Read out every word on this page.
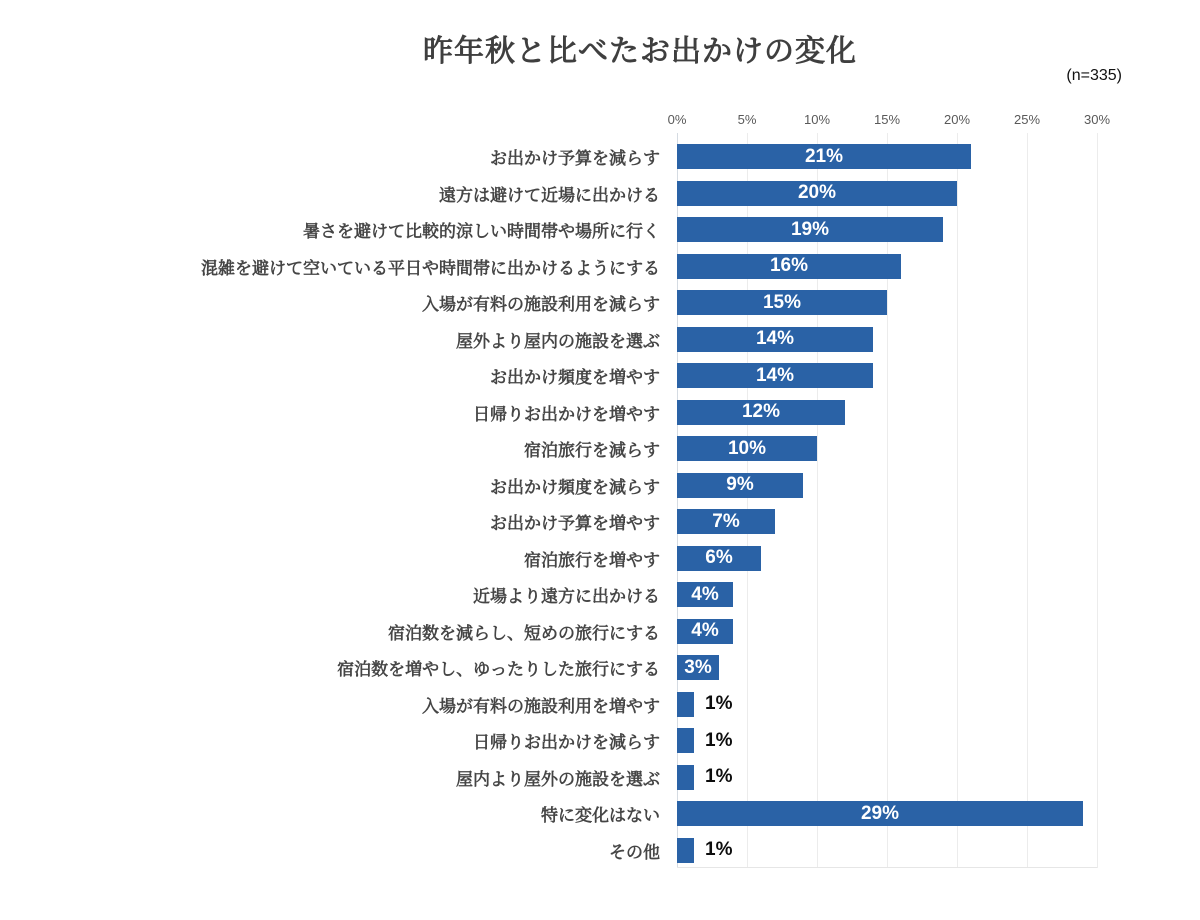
昨年秋と比べたお出かけの変化
(n=335)
0%	5%	10%	15%	20%	25%	30%
お出かけ予算を減らす	21%
遠方は避けて近場に出かける	20%
暑さを避けて比較的涼しい時間帯や場所に行く	19%
混雑を避けて空いている平日や時間帯に出かけるようにする	16%
入場が有料の施設利用を減らす	15%
屋外より屋内の施設を選ぶ	14%
お出かけ頻度を増やす	14%
日帰りお出かけを増やす	12%
宿泊旅行を減らす	10%
お出かけ頻度を減らす	9%
お出かけ予算を増やす	7%
宿泊旅行を増やす 6%
近場より遠方に出かける 4%
宿泊数を減らし、短めの旅行にする 4%
宿泊数を増やし、ゆったりした旅行にする 3%
入場が有料の施設利用を増やす 1%
日帰りお出かけを減らす 1%
屋内より屋外の施設を選ぶ 1%
特に変化はない	29%
その他 1%
